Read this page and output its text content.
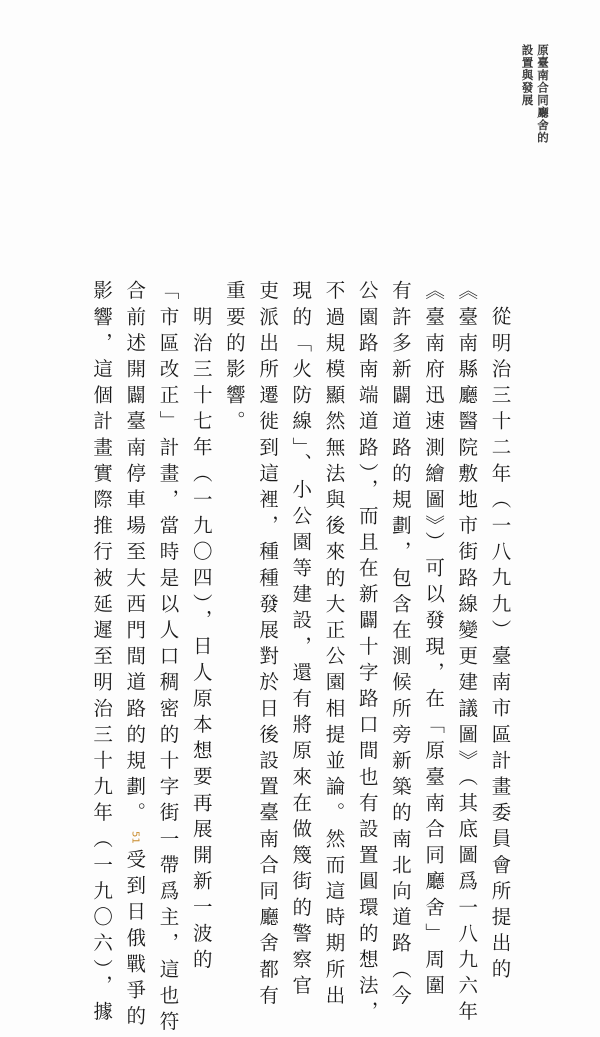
原臺南合同廳舍的
設置與發展
從明治三十二年（一八九九）臺南市區計畫委員會所提出的
《臺南縣廳醫院敷地市街路線變更建議圖》（其底圖爲一八九六年
《臺南府迅速測繪圖》）可以發現，在「原臺南合同廳舍」周圍
有許多新闢道路的規劃，包含在測候所旁新築的南北向道路（今
公園路南端道路），而且在新闢十字路口間也有設置圓環的想法，
不過規模顯然無法與後來的大正公園相提並論。然而這時期所出
現的「火防線」、小公園等建設，還有將原來在做篾街的警察官
吏派出所遷徙到這裡，種種發展對於日後設置臺南合同廳舍都有
重要的影響。
明治三十七年（一九〇四），日人原本想要再展開新一波的
「市區改正」計畫，當時是以人口稠密的十字街一帶爲主，這也符
合前述開闢臺南停車場至大西門間道路的規劃。51受到日俄戰爭的
影響，這個計畫實際推行被延遲至明治三十九年（一九〇六），據
